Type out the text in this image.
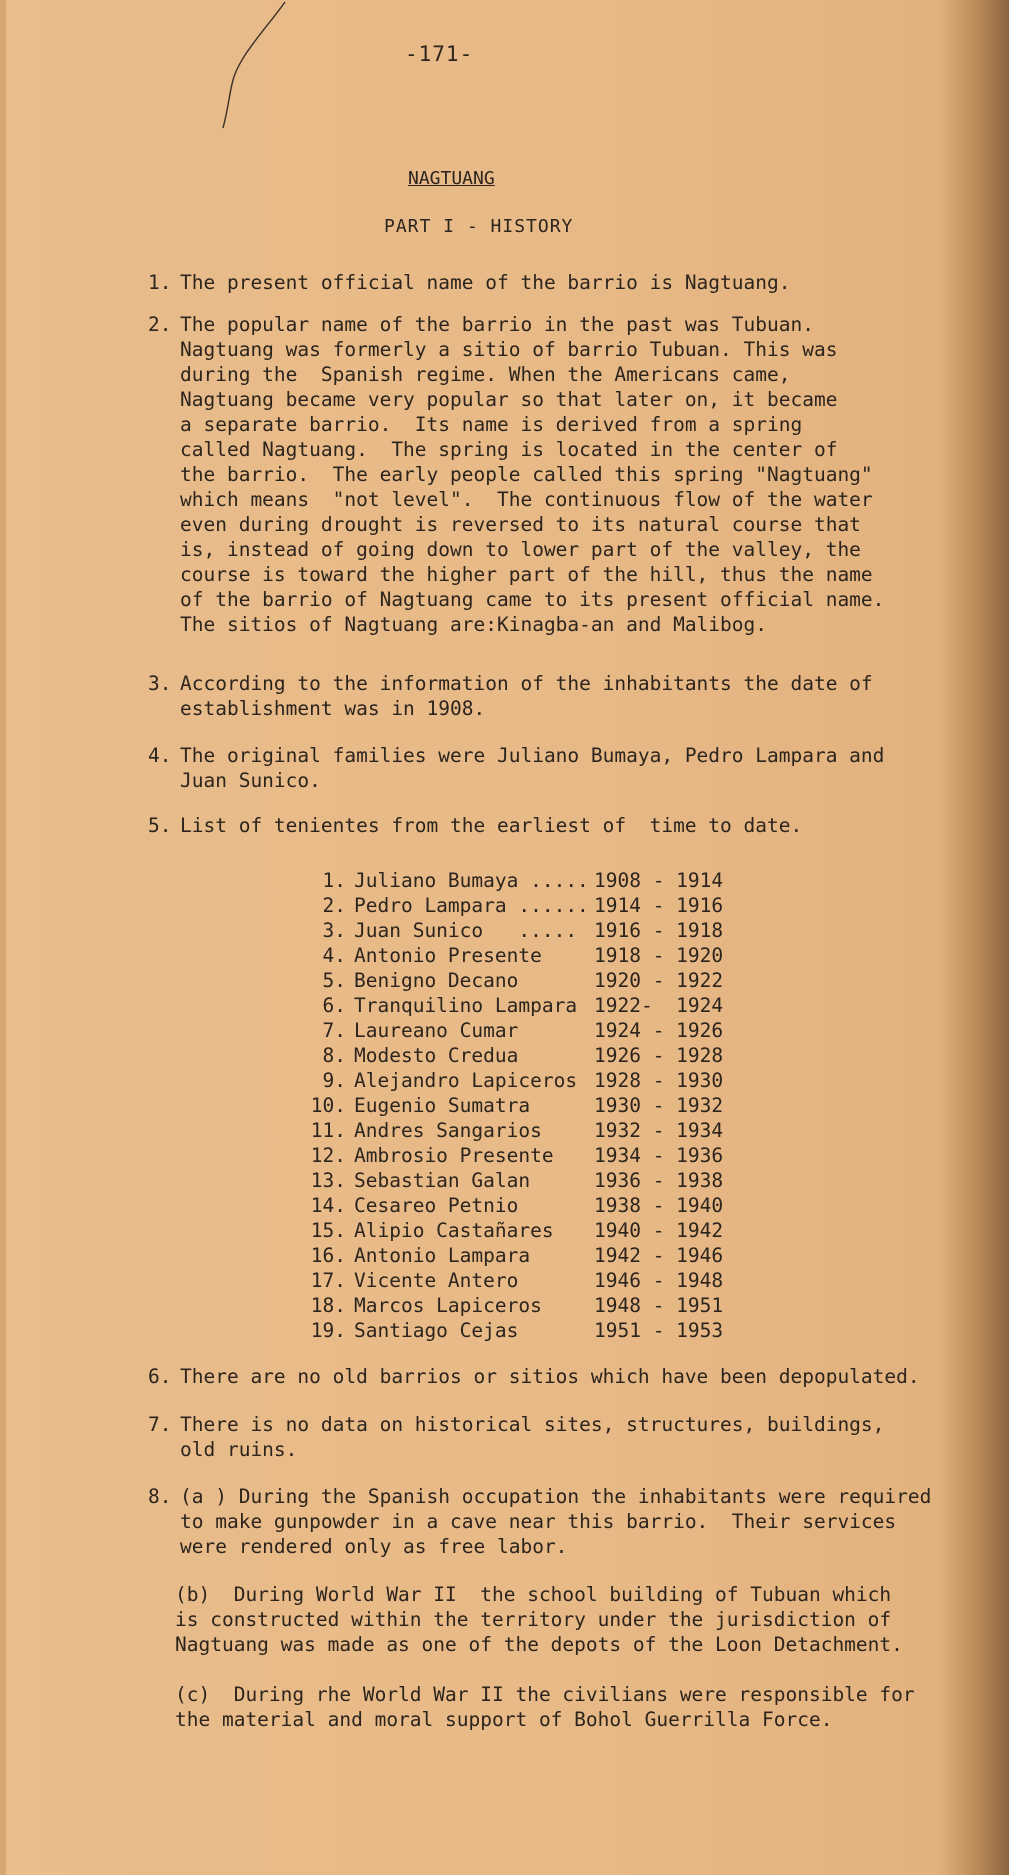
-171-
NAGTUANG
PART I - HISTORY

1.

The present official name of the barrio is Nagtuang.

2.

The popular name of the barrio in the past was Tubuan.
Nagtuang was formerly a sitio of barrio Tubuan. This was
during the  Spanish regime. When the Americans came,
Nagtuang became very popular so that later on, it became
a separate barrio.  Its name is derived from a spring
called Nagtuang.  The spring is located in the center of
the barrio.  The early people called this spring "Nagtuang"
which means  "not level".  The continuous flow of the water
even during drought is reversed to its natural course that
is, instead of going down to lower part of the valley, the
course is toward the higher part of the hill, thus the name
of the barrio of Nagtuang came to its present official name.
The sitios of Nagtuang are:Kinagba-an and Malibog.

3.

According to the information of the inhabitants the date of
establishment was in 1908.

4.

The original families were Juliano Bumaya, Pedro Lampara and
Juan Sunico.

5.

List of tenientes from the earliest of  time to date.

1. Juliano Bumaya ..... 1908 - 1914
2. Pedro Lampara ...... 1914 - 1916
3. Juan Sunico   ..... 1916 - 1918
4. Antonio Presente	1918 - 1920
5. Benigno Decano	1920 - 1922
6. Tranquilino Lampara 1922-  1924
7. Laureano Cumar	1924 - 1926
8. Modesto Credua	1926 - 1928
9. Alejandro Lapiceros 1928 - 1930
10. Eugenio Sumatra	1930 - 1932
11. Andres Sangarios	1932 - 1934
12. Ambrosio Presente 1934 - 1936
13. Sebastian Galan	1936 - 1938
14. Cesareo Petnio	1938 - 1940
15. Alipio Castañares 1940 - 1942
16. Antonio Lampara	1942 - 1946
17. Vicente Antero	1946 - 1948
18. Marcos Lapiceros	1948 - 1951
19. Santiago Cejas	1951 - 1953

6.

There are no old barrios or sitios which have been depopulated.

7.

There is no data on historical sites, structures, buildings,
old ruins.

8.

(a ) During the Spanish occupation the inhabitants were required
to make gunpowder in a cave near this barrio.  Their services
were rendered only as free labor.

(b)  During World War II  the school building of Tubuan which
is constructed within the territory under the jurisdiction of
Nagtuang was made as one of the depots of the Loon Detachment.
(c)  During rhe World War II the civilians were responsible for
the material and moral support of Bohol Guerrilla Force.
